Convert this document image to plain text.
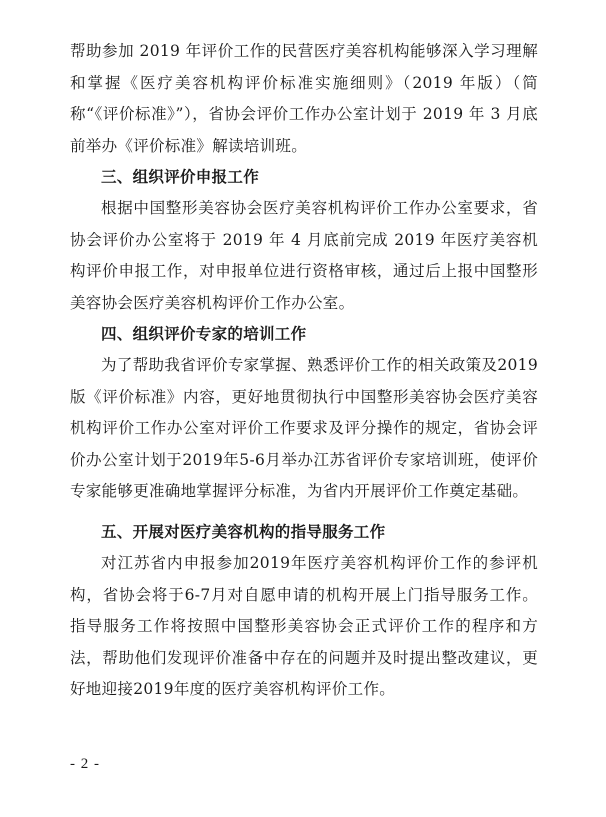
帮助参加 2019 年评价工作的民营医疗美容机构能够深入学习理解和掌握《医疗美容机构评价标准实施细则》（2019 年版）（简称“《评价标准》”），省协会评价工作办公室计划于 2019 年 3 月底前举办《评价标准》解读培训班。

三、组织评价申报工作

根据中国整形美容协会医疗美容机构评价工作办公室要求，省协会评价办公室将于 2019 年 4 月底前完成 2019 年医疗美容机构评价申报工作，对申报单位进行资格审核，通过后上报中国整形美容协会医疗美容机构评价工作办公室。

四、组织评价专家的培训工作

为了帮助我省评价专家掌握、熟悉评价工作的相关政策及2019版《评价标准》内容，更好地贯彻执行中国整形美容协会医疗美容机构评价工作办公室对评价工作要求及评分操作的规定，省协会评价办公室计划于2019年5-6月举办江苏省评价专家培训班，使评价专家能够更准确地掌握评分标准，为省内开展评价工作奠定基础。

五、开展对医疗美容机构的指导服务工作

对江苏省内申报参加2019年医疗美容机构评价工作的参评机构，省协会将于6-7月对自愿申请的机构开展上门指导服务工作。指导服务工作将按照中国整形美容协会正式评价工作的程序和方法，帮助他们发现评价准备中存在的问题并及时提出整改建议，更好地迎接2019年度的医疗美容机构评价工作。

- 2 -
